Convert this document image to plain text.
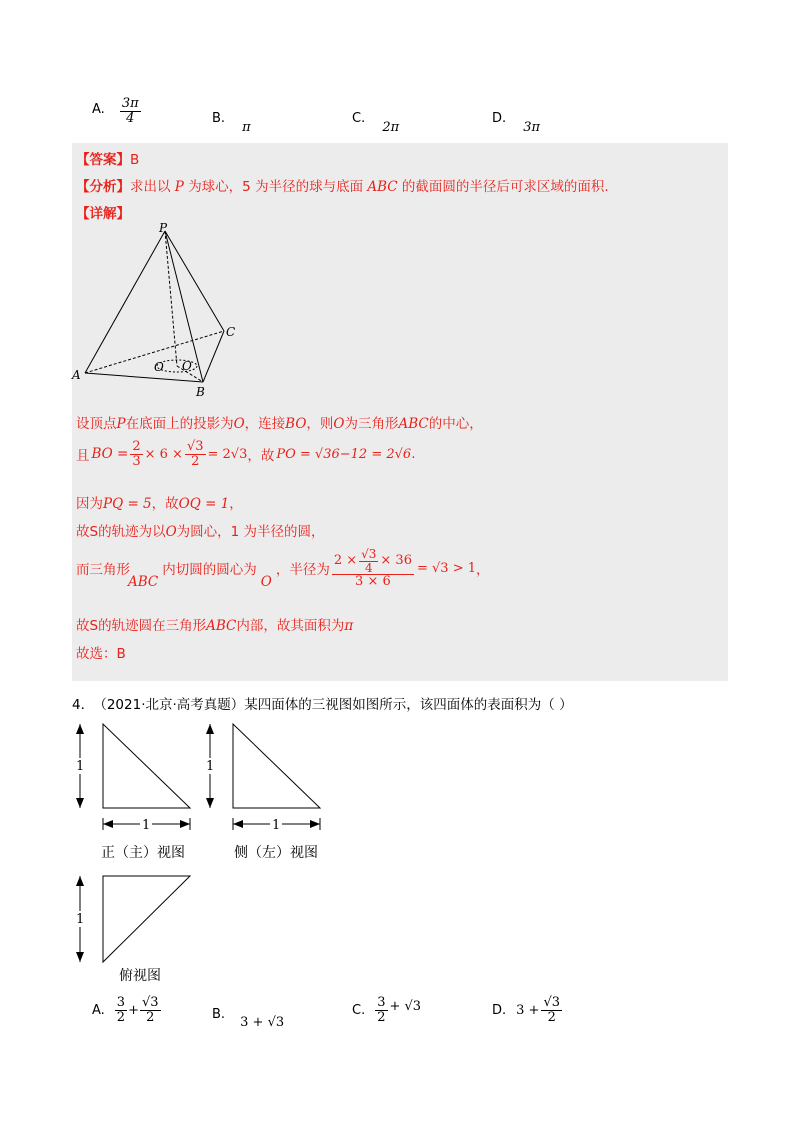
A. $\frac{3\pi}{4}$	B. $_\pi$
C. $_{2\pi}$
D. $_{3\pi}$
【答案】B
【分析】求出以 P 为球心，5 为半径的球与底面 ABC 的截面圆的半径后可求区域的面积.
【详解】
P
A
B
C
O O
设顶点P在底面上的投影为O，连接BO，则O为三角形ABC的中心，
且 BO = $\frac{2}{3} \times 6 \times \frac{√3}{2} = 2√3$ ，故 PO = √36−12 = 2√6 .
因为PQ = 5，故OQ = 1，
故S的轨迹为以O为圆心，1 为半径的圆，
而三角形
ABC
内切圆的圆心为
O
，半径为 $\frac{2 \times \frac{√3}{4} \times 36}{3 \times 6} = √3 > 1$ ，
故S的轨迹圆在三角形ABC内部，故其面积为π
故选：B
4． （2021·北京·高考真题）某四面体的三视图如图所示，该四面体的表面积为（ ）
1
1
正（主）视图
1
1
侧（左）视图
1
俯视图
A. $\frac{3}{2} + \frac{√3}{2}$	B. $_{3 + √3}$
C. $\frac{3}{2} + √3$	D. $3 + \frac{√3}{2}$
